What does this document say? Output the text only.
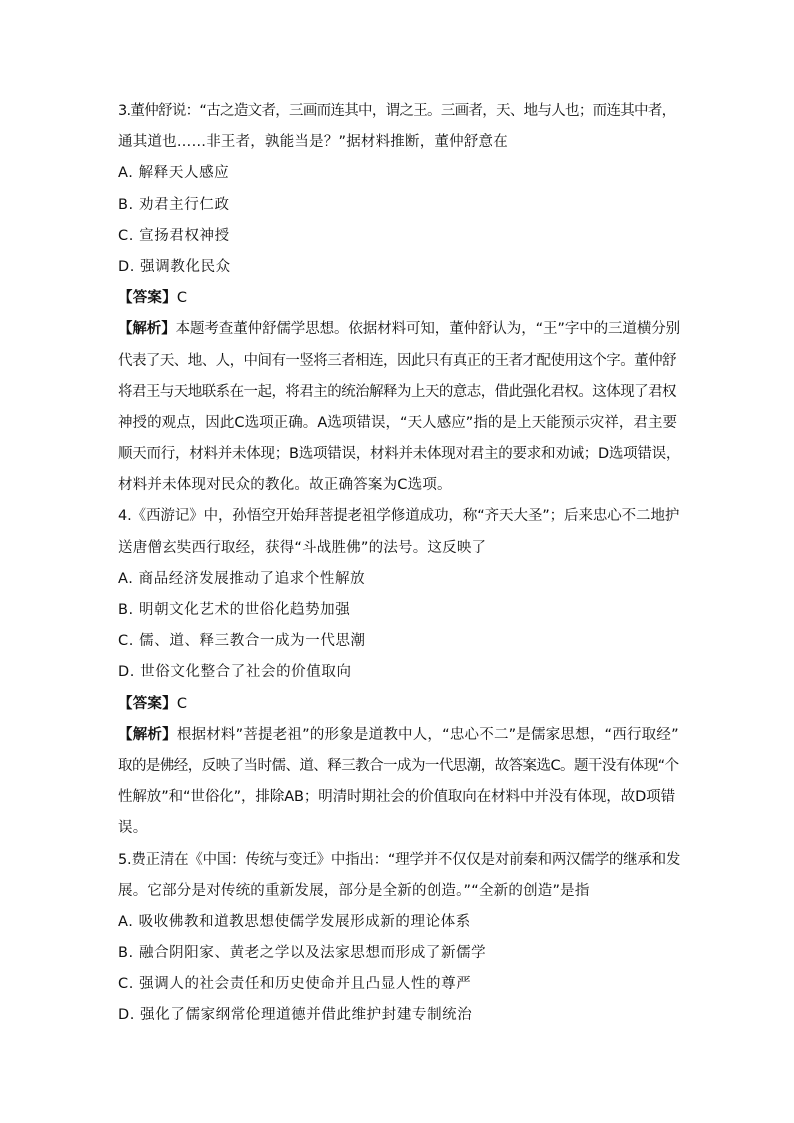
3.董仲舒说：“古之造文者，三画而连其中，谓之王。三画者，天、地与人也；而连其中者，
通其道也……非王者，孰能当是？”据材料推断，董仲舒意在
A. 解释天人感应
B. 劝君主行仁政
C. 宣扬君权神授
D. 强调教化民众
【答案】C
【解析】本题考查董仲舒儒学思想。依据材料可知，董仲舒认为，“王”字中的三道横分别
代表了天、地、人，中间有一竖将三者相连，因此只有真正的王者才配使用这个字。董仲舒
将君王与天地联系在一起，将君主的统治解释为上天的意志，借此强化君权。这体现了君权
神授的观点，因此C选项正确。A选项错误，“天人感应”指的是上天能预示灾祥，君主要
顺天而行，材料并未体现；B选项错误，材料并未体现对君主的要求和劝诫；D选项错误，
材料并未体现对民众的教化。故正确答案为C选项。
4.《西游记》中，孙悟空开始拜菩提老祖学修道成功，称“齐天大圣”；后来忠心不二地护
送唐僧玄奘西行取经，获得“斗战胜佛”的法号。这反映了
A. 商品经济发展推动了追求个性解放
B. 明朝文化艺术的世俗化趋势加强
C. 儒、道、释三教合一成为一代思潮
D. 世俗文化整合了社会的价值取向
【答案】C
【解析】根据材料”菩提老祖”的形象是道教中人，“忠心不二”是儒家思想，“西行取经”
取的是佛经，反映了当时儒、道、释三教合一成为一代思潮，故答案选C。题干没有体现“个
性解放”和“世俗化”，排除AB；明清时期社会的价值取向在材料中并没有体现，故D项错
误。
5.费正清在《中国：传统与变迁》中指出：“理学并不仅仅是对前秦和两汉儒学的继承和发
展。它部分是对传统的重新发展，部分是全新的创造。”“全新的创造”是指
A. 吸收佛教和道教思想使儒学发展形成新的理论体系
B. 融合阴阳家、黄老之学以及法家思想而形成了新儒学
C. 强调人的社会责任和历史使命并且凸显人性的尊严
D. 强化了儒家纲常伦理道德并借此维护封建专制统治
